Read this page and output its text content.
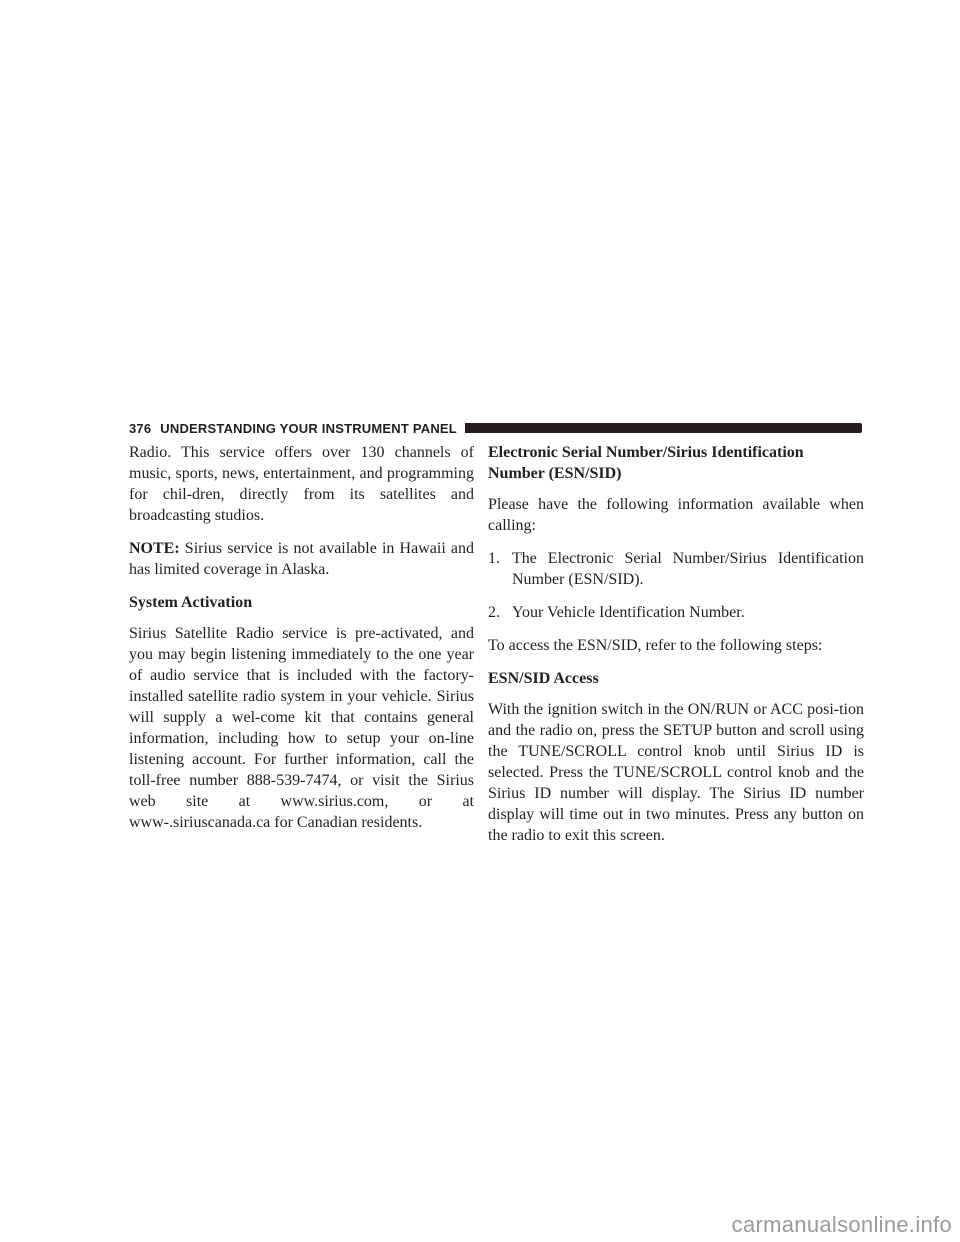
376 UNDERSTANDING YOUR INSTRUMENT PANEL

Radio. This service offers over 130 channels of music, sports, news, entertainment, and programming for chil-dren, directly from its satellites and broadcasting studios.

NOTE: Sirius service is not available in Hawaii and has limited coverage in Alaska.

System Activation

Sirius Satellite Radio service is pre-activated, and you may begin listening immediately to the one year of audio service that is included with the factory-installed satellite radio system in your vehicle. Sirius will supply a wel-come kit that contains general information, including how to setup your on-line listening account. For further information, call the toll-free number 888-539-7474, or visit the Sirius web site at www.sirius.com, or at www-.siriuscanada.ca for Canadian residents.

Electronic Serial Number/Sirius Identification Number (ESN/SID)

Please have the following information available when calling:

1. The Electronic Serial Number/Sirius Identification Number (ESN/SID).
2. Your Vehicle Identification Number.

To access the ESN/SID, refer to the following steps:

ESN/SID Access

With the ignition switch in the ON/RUN or ACC posi-tion and the radio on, press the SETUP button and scroll using the TUNE/SCROLL control knob until Sirius ID is selected. Press the TUNE/SCROLL control knob and the Sirius ID number will display. The Sirius ID number display will time out in two minutes. Press any button on the radio to exit this screen.

carmanualsonline.info
